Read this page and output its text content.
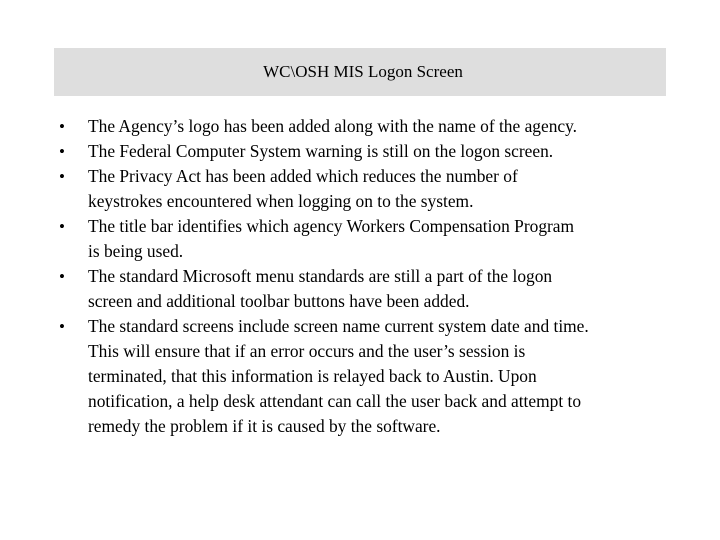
WC\OSH MIS Logon Screen
•	The Agency’s logo has been added along with the name of the agency.
•	The Federal Computer System warning is still on the logon screen.
•	The Privacy Act has been added which reduces the number of
keystrokes encountered when logging on to the system.
•	The title bar identifies which agency Workers Compensation Program
is being used.
•	The standard Microsoft menu standards are still a part of the logon
screen and additional toolbar buttons have been added.
•	The standard screens include screen name current system date and time.
This will ensure that if an error occurs and the user’s session is
terminated, that this information is relayed back to Austin. Upon
notification, a help desk attendant can call the user back and attempt to
remedy the problem if it is caused by the software.
